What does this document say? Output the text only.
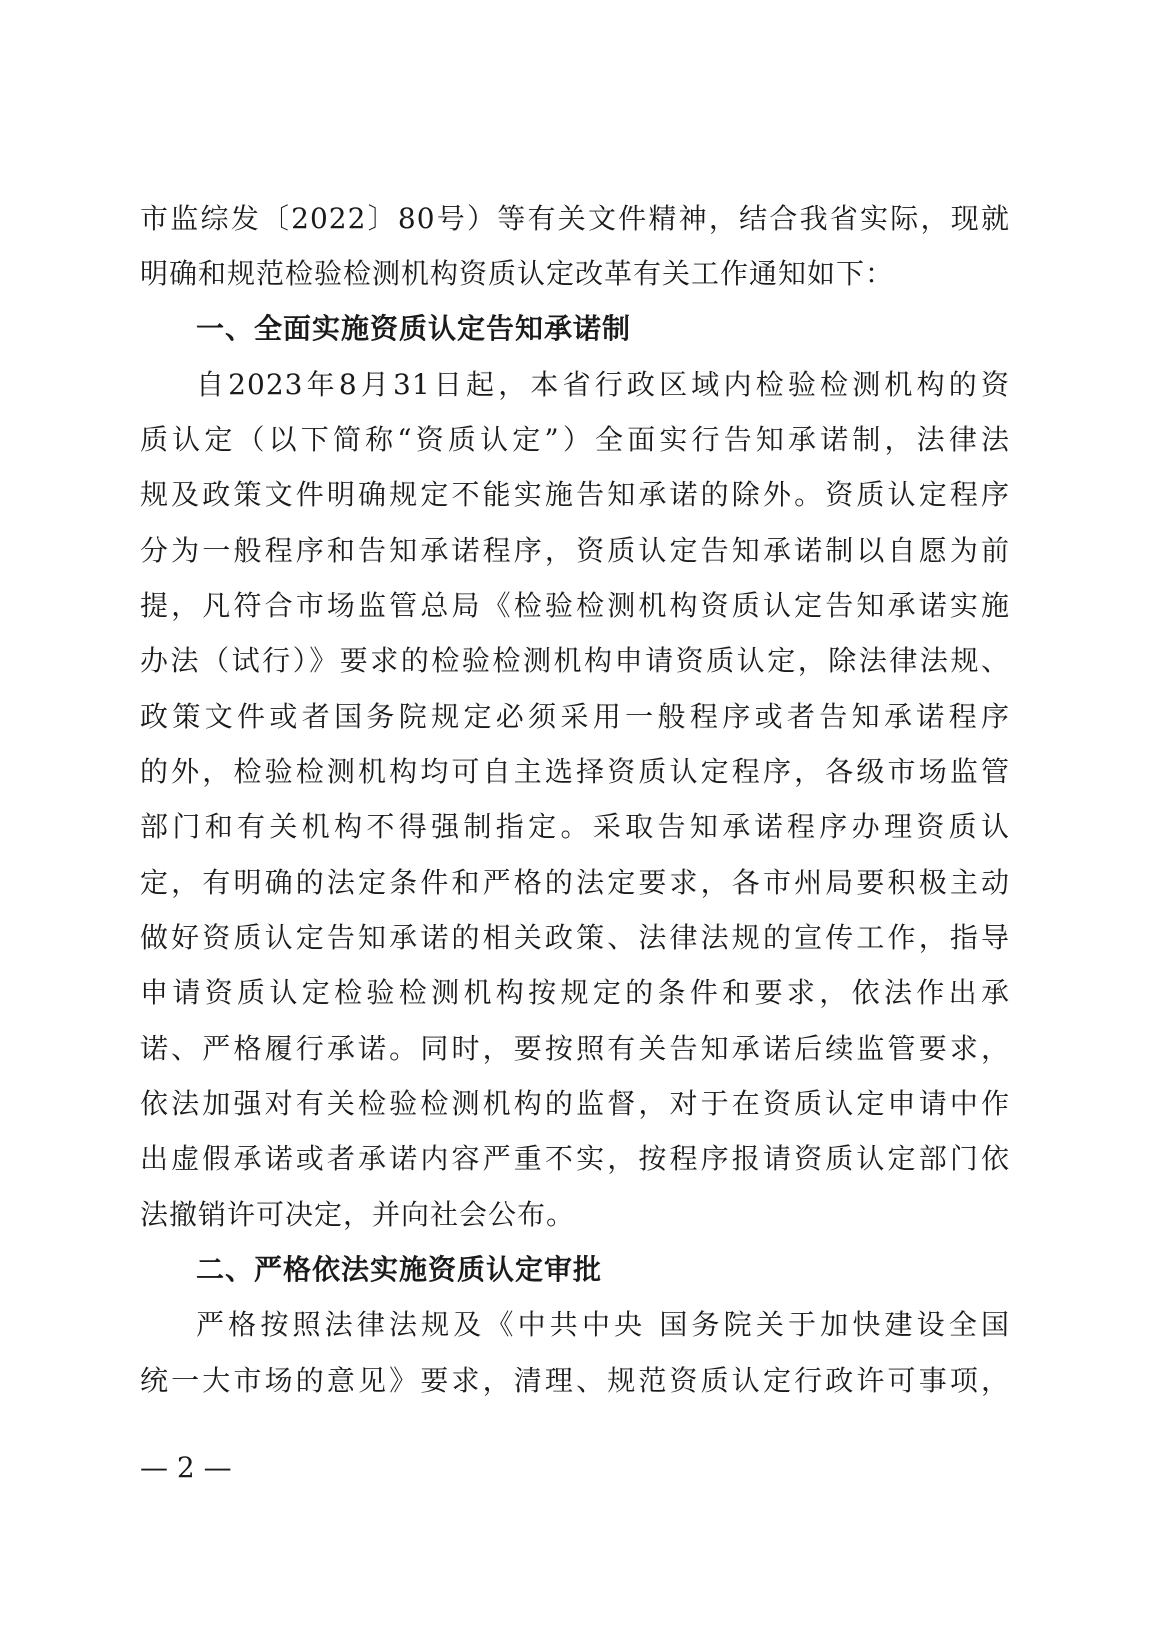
市监综发〔2022〕80号）等有关文件精神，结合我省实际，现就
明确和规范检验检测机构资质认定改革有关工作通知如下：
一、全面实施资质认定告知承诺制
自2023年8月31日起，本省行政区域内检验检测机构的资
质认定（以下简称“资质认定”）全面实行告知承诺制，法律法
规及政策文件明确规定不能实施告知承诺的除外。资质认定程序
分为一般程序和告知承诺程序，资质认定告知承诺制以自愿为前
提，凡符合市场监管总局《检验检测机构资质认定告知承诺实施
办法（试行）》要求的检验检测机构申请资质认定，除法律法规、
政策文件或者国务院规定必须采用一般程序或者告知承诺程序
的外，检验检测机构均可自主选择资质认定程序，各级市场监管
部门和有关机构不得强制指定。采取告知承诺程序办理资质认
定，有明确的法定条件和严格的法定要求，各市州局要积极主动
做好资质认定告知承诺的相关政策、法律法规的宣传工作，指导
申请资质认定检验检测机构按规定的条件和要求，依法作出承
诺、严格履行承诺。同时，要按照有关告知承诺后续监管要求，
依法加强对有关检验检测机构的监督，对于在资质认定申请中作
出虚假承诺或者承诺内容严重不实，按程序报请资质认定部门依
法撤销许可决定，并向社会公布。
二、严格依法实施资质认定审批
严格按照法律法规及《中共中央 国务院关于加快建设全国
统一大市场的意见》要求，清理、规范资质认定行政许可事项，
— 2 —
